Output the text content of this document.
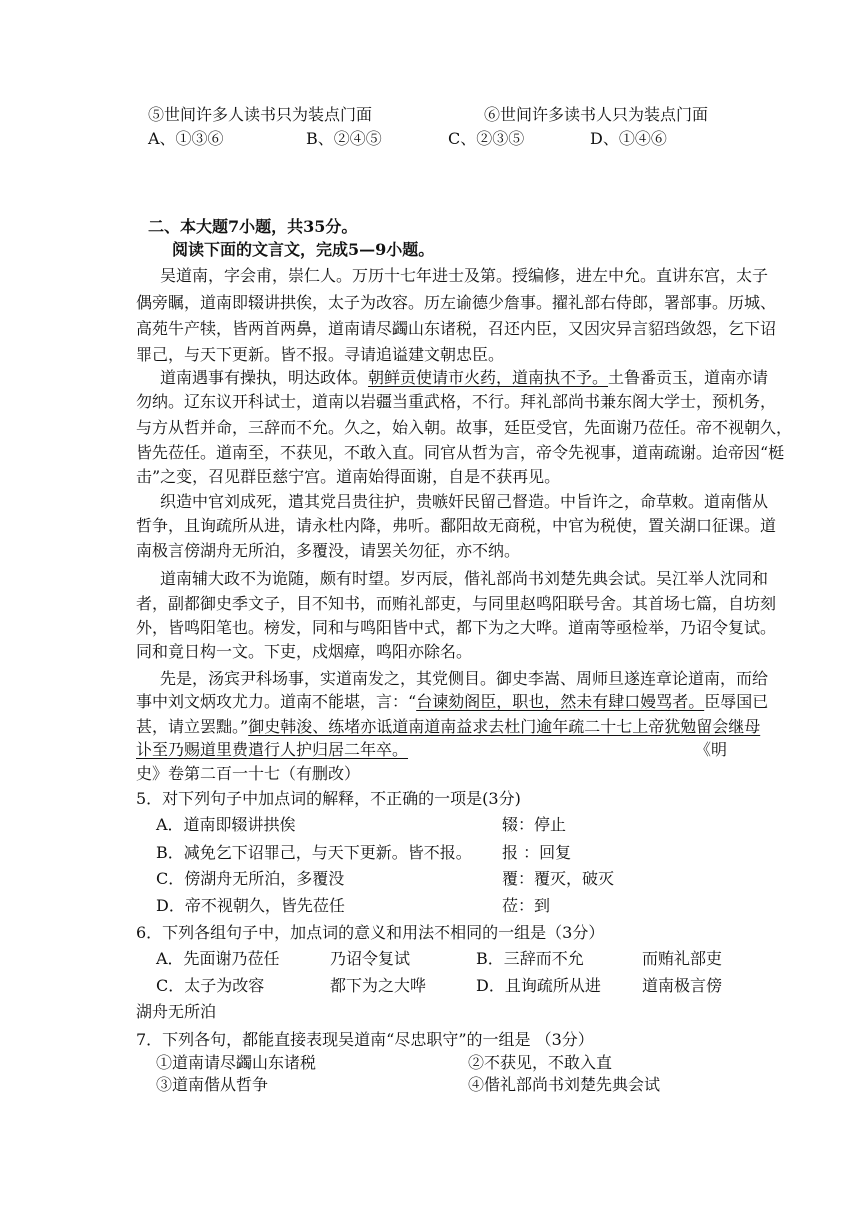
⑤世间许多人读书只为装点门面	⑥世间许多读书人只为装点门面
A、①③⑥	B、②④⑤	C、②③⑤	D、①④⑥
二、本大题7小题，共35分。
阅读下面的文言文，完成5—9小题。
吴道南，字会甫，崇仁人。万历十七年进士及第。授编修，进左中允。直讲东宫，太子
偶旁瞩，道南即辍讲拱俟，太子为改容。历左谕德少詹事。擢礼部右侍郎，署部事。历城、
高苑牛产犊，皆两首两鼻，道南请尽蠲山东诸税，召还内臣，又因灾异言貂珰敛怨，乞下诏
罪己，与天下更新。皆不报。寻请追谥建文朝忠臣。
道南遇事有操执，明达政体。朝鲜贡使请市火药，道南执不予。土鲁番贡玉，道南亦请
勿纳。辽东议开科试士，道南以岩疆当重武格，不行。拜礼部尚书兼东阁大学士，预机务，
与方从哲并命，三辞而不允。久之，始入朝。故事，廷臣受官，先面谢乃莅任。帝不视朝久，
皆先莅任。道南至，不获见，不敢入直。同官从哲为言，帝令先视事，道南疏谢。迨帝因“梃
击”之变，召见群臣慈宁宫。道南始得面谢，自是不获再见。
织造中官刘成死，遣其党吕贵往护，贵嗾奸民留己督造。中旨许之，命草敕。道南偕从
哲争，且询疏所从进，请永杜内降，弗听。鄱阳故无商税，中官为税使，置关湖口征课。道
南极言傍湖舟无所泊，多覆没，请罢关勿征，亦不纳。
道南辅大政不为诡随，颇有时望。岁丙辰，偕礼部尚书刘楚先典会试。吴江举人沈同和
者，副都御史季文子，目不知书，而贿礼部吏，与同里赵鸣阳联号舍。其首场七篇，自坊刻
外，皆鸣阳笔也。榜发，同和与鸣阳皆中式，都下为之大哗。道南等亟检举，乃诏令复试。
同和竟日构一文。下吏，戍烟瘴，鸣阳亦除名。
先是，汤宾尹科场事，实道南发之，其党侧目。御史李嵩、周师旦遂连章论道南，而给
事中刘文炳攻尤力。道南不能堪，言：“台谏劾阁臣，职也，然未有肆口嫚骂者。臣辱国已
甚，请立罢黜。”御史韩浚、练堵亦诋道南道南益求去杜门逾年疏二十七上帝犹勉留会继母
讣至乃赐道里费遣行人护归居二年卒。	《明
史》卷第二百一十七（有删改）
5．对下列句子中加点词的解释，不正确的一项是(3分)
A．道南即辍讲拱俟	辍：停止
B．减免乞下诏罪己，与天下更新。皆不报。 报 ：回复
C．傍湖舟无所泊，多覆没	覆：覆灭，破灭
D．帝不视朝久，皆先莅任	莅：到
6．下列各组句子中，加点词的意义和用法不相同的一组是（3分）
A．先面谢乃莅任	乃诏令复试	B．三辞而不允	而贿礼部吏
C．太子为改容	都下为之大哗	D．且询疏所从进	道南极言傍
湖舟无所泊
7．下列各句，都能直接表现吴道南“尽忠职守”的一组是 （3分）
①道南请尽蠲山东诸税	②不获见，不敢入直
③道南偕从哲争	④偕礼部尚书刘楚先典会试
